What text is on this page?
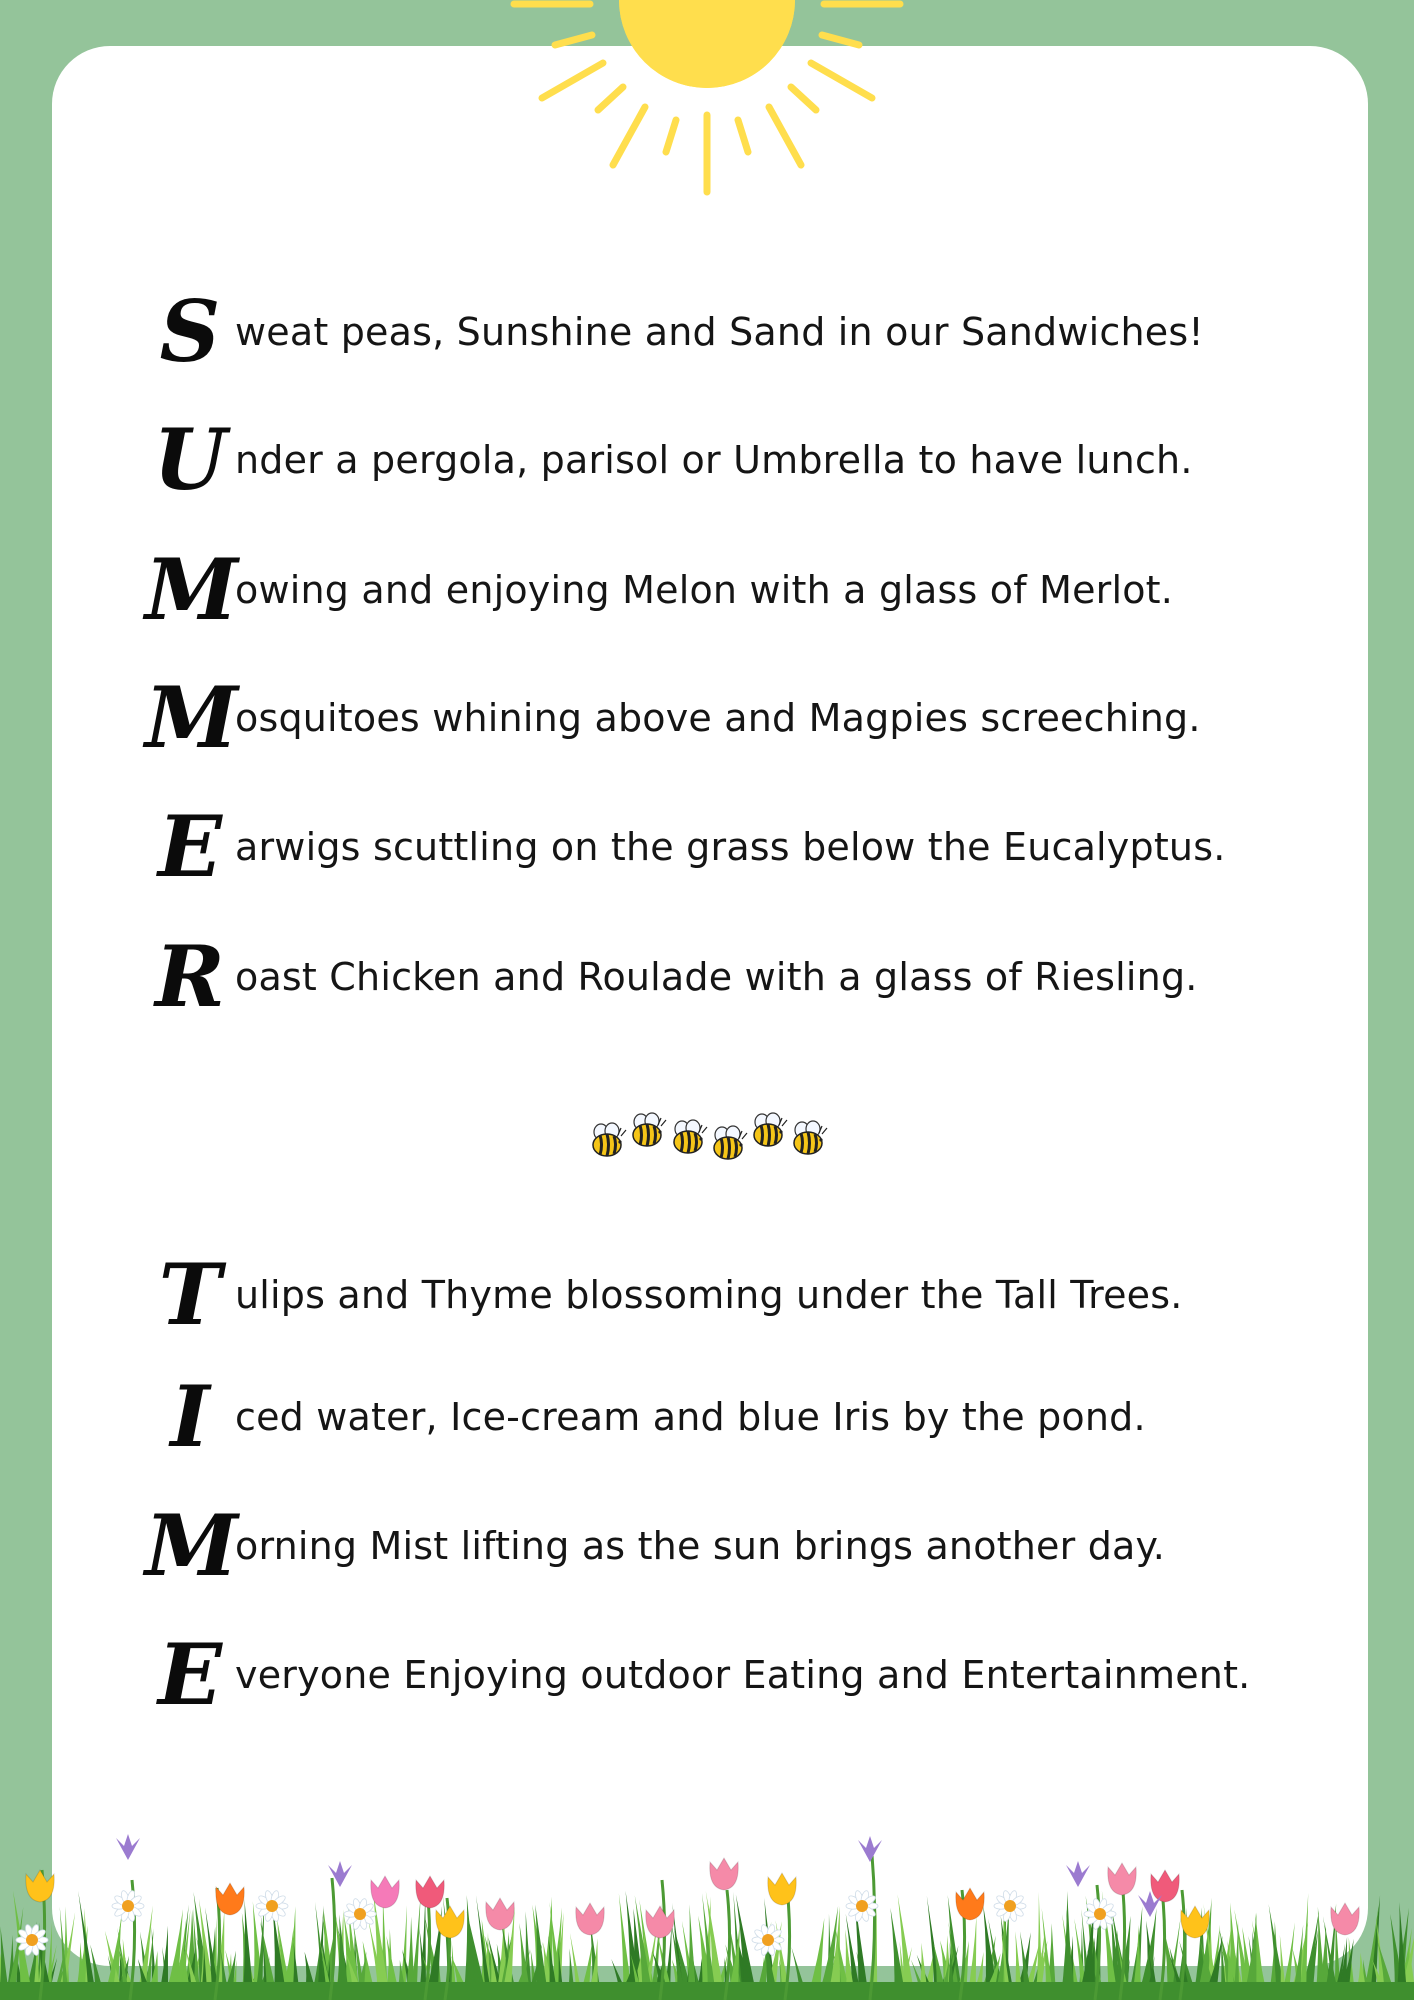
S weat peas, Sunshine and Sand in our Sandwiches!
U nder a pergola, parisol or Umbrella to have lunch.
M
owing and enjoying Melon with a glass of Merlot.
M
osquitoes whining above and Magpies screeching.
E arwigs scuttling on the grass below the Eucalyptus.
R oast Chicken and Roulade with a glass of Riesling.
T ulips and Thyme blossoming under the Tall Trees.
I ced water, Ice-cream and blue Iris by the pond.
M
orning Mist lifting as the sun brings another day.
E veryone Enjoying outdoor Eating and Entertainment.
